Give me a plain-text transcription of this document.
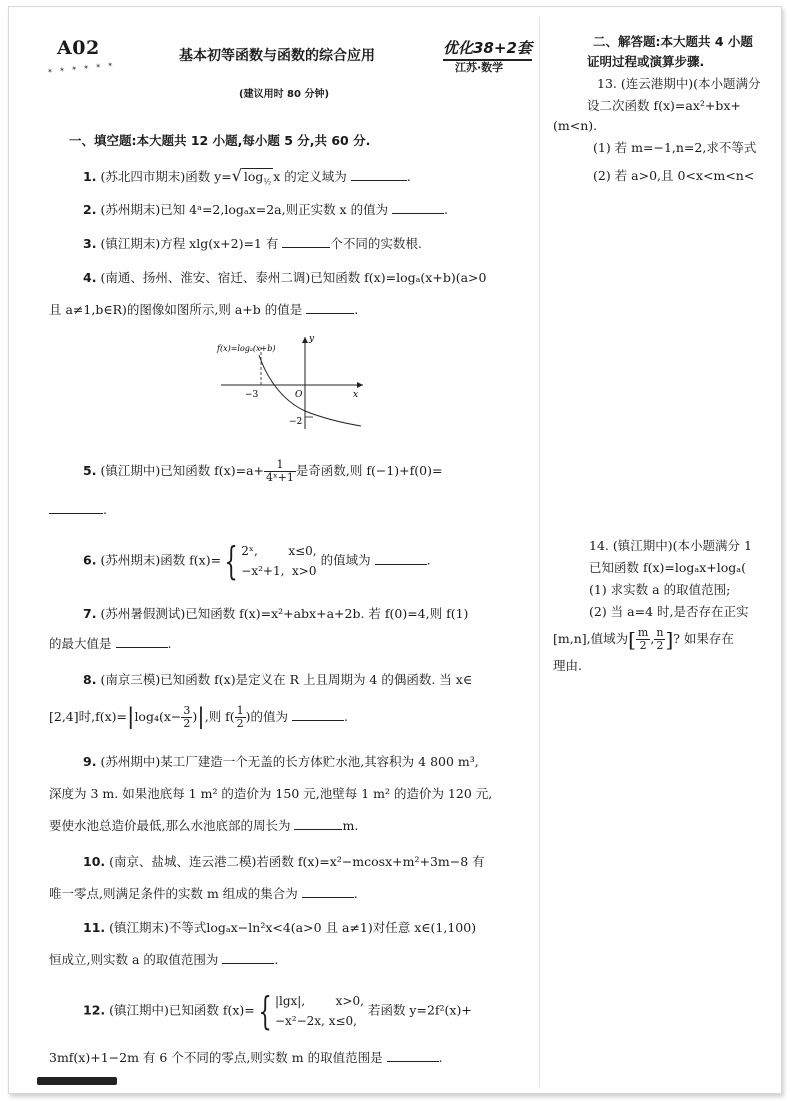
A02
✶ ✶ ✶ ✶ ✶ ✶
基本初等函数与函数的综合应用	优化38+2套
江苏·数学
(建议用时 80 分钟)
一、填空题:本大题共 12 小题,每小题 5 分,共 60 分.
1. (苏北四市期末)函数 y=√ $\log_{\frac{1}{2}} x$ 的定义域为	.
2. (苏州期末)已知 4ᵃ=2,logₐx=2a,则正实数 x 的值为	.
3. (镇江期末)方程 xlg(x+2)=1 有	个不同的实数根.
4. (南通、扬州、淮安、宿迁、泰州二调)已知函数 f(x)=logₐ(x+b)(a>0
且 a≠1,b∈R)的图像如图所示,则 a+b 的值是	.
f(x)=logₐ(x+b)
y
x
O
−3
−2
5. (镇江期中)已知函数 $f(x)=a+ \frac{1}{\text{4ˣ+1}}$ 是奇函数,则 f(−1)+f(0)=
.
6. (苏州期末)函数 f(x)={ 2ˣ,        x≤0,
−x²+1,  x>0
的值域为	.
7. (苏州暑假测试)已知函数 f(x)=x²+abx+a+2b. 若 f(0)=4,则 f(1)
的最大值是	.
8. (南京三模)已知函数 f(x)是定义在 R 上且周期为 4 的偶函数. 当 x∈
[2,4]时$,f(x)=|\log_4(x- \frac{3}{2}$ )|,则 $f( \frac{1}{2}$ )的值为	.
9. (苏州期中)某工厂建造一个无盖的长方体贮水池,其容积为 4 800 m³,
深度为 3 m. 如果池底每 1 m² 的造价为 150 元,池壁每 1 m² 的造价为 120 元,
要使水池总造价最低,那么水池底部的周长为	m.
10. (南京、盐城、连云港二模)若函数 f(x)=x²−mcosx+m²+3m−8 有
唯一零点,则满足条件的实数 m 组成的集合为	.
11. (镇江期末)不等式logₐx−ln²x<4(a>0 且 a≠1)对任意 x∈(1,100)
恒成立,则实数 a 的取值范围为	.
12. (镇江期中)已知函数 f(x)={ |lgx|,        x>0,
−x²−2x, x≤0,
若函数 y=2f²(x)+
3mf(x)+1−2m 有 6 个不同的零点,则实数 m 的取值范围是	.
二、解答题:本大题共 4 小题
证明过程或演算步骤.
13. (连云港期中)(本小题满分
设二次函数 f(x)=ax²+bx+
(m<n).
(1) 若 m=−1,n=2,求不等式
(2) 若 a>0,且 0<x<m<n<
14. (镇江期中)(本小题满分 1
已知函数 f(x)=logₐx+logₐ(
(1) 求实数 a 的取值范围;
(2) 当 a=4 时,是否存在正实
[m,n],值域为[ $\frac{m}{2}$ , $\frac{n}{2}$ ]? 如果存在
理由.
